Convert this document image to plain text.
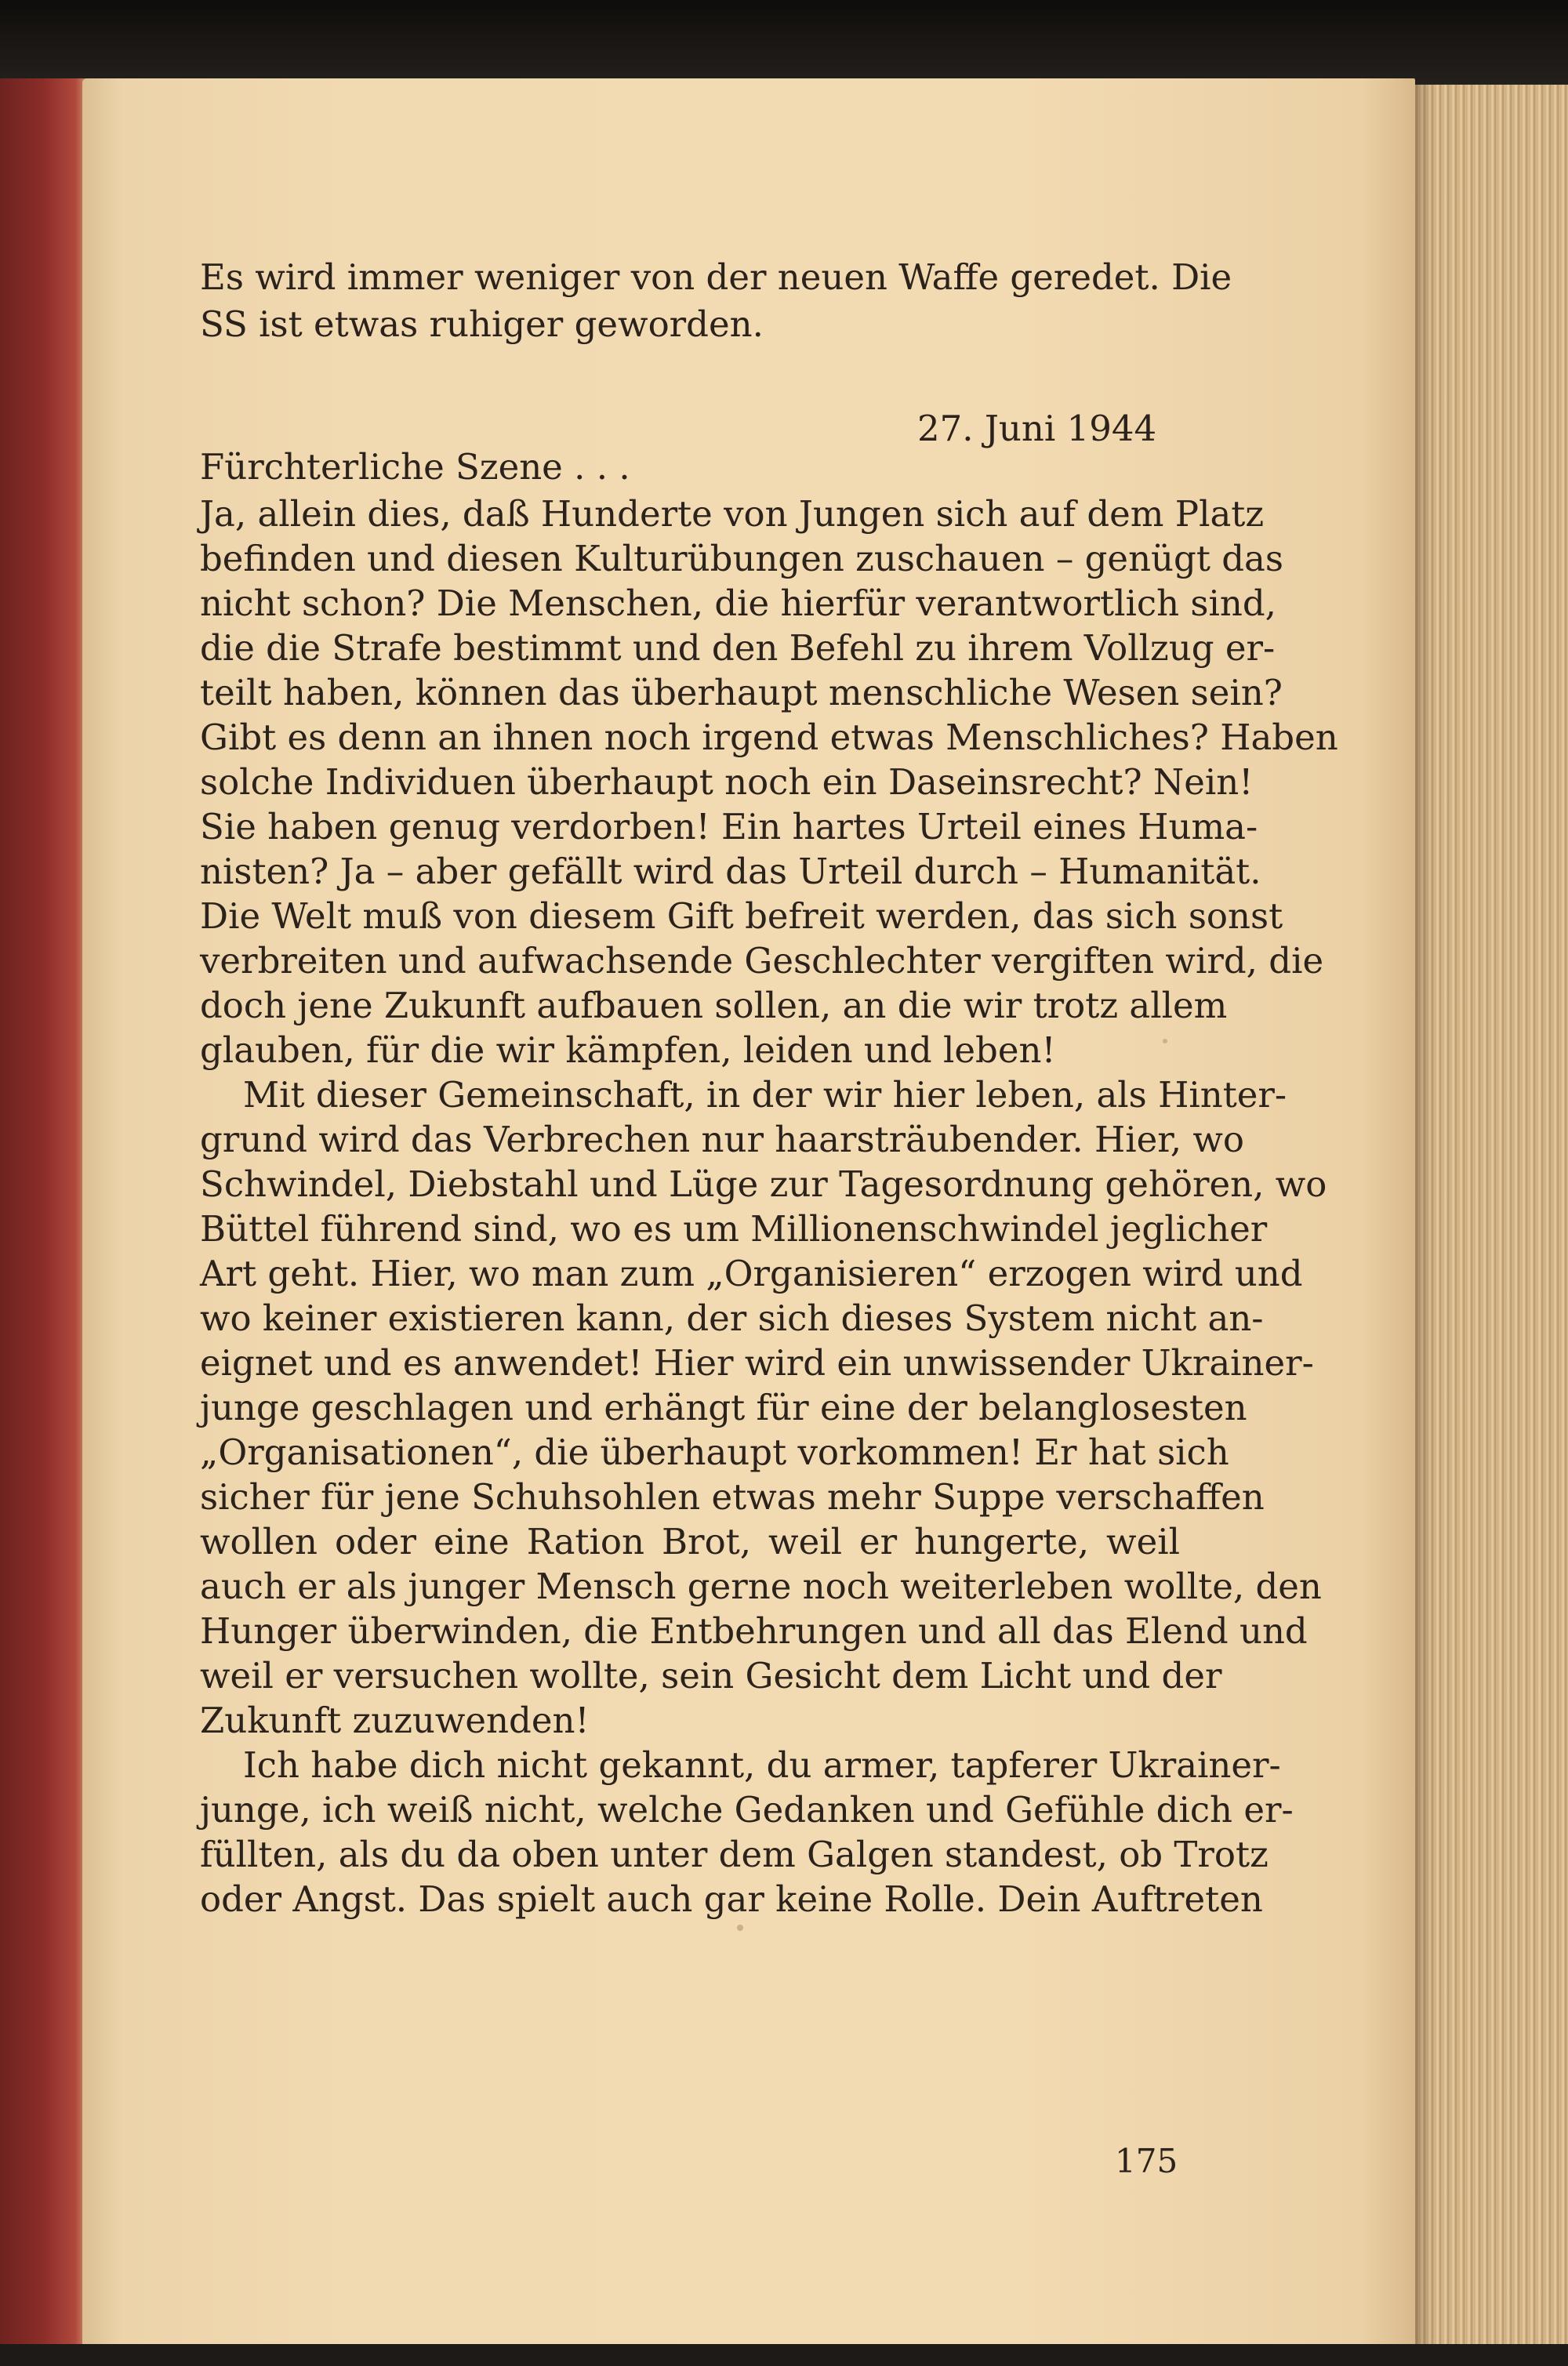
Es wird immer weniger von der neuen Waffe geredet. Die
SS ist etwas ruhiger geworden.
Fürchterliche Szene . . .
Ja, allein dies, daß Hunderte von Jungen sich auf dem Platz
befinden und diesen Kulturübungen zuschauen – genügt das
nicht schon? Die Menschen, die hierfür verantwortlich sind,
die die Strafe bestimmt und den Befehl zu ihrem Vollzug er-
teilt haben, können das überhaupt menschliche Wesen sein?
Gibt es denn an ihnen noch irgend etwas Menschliches? Haben
solche Individuen überhaupt noch ein Daseinsrecht? Nein!
Sie haben genug verdorben! Ein hartes Urteil eines Huma-
nisten? Ja – aber gefällt wird das Urteil durch – Humanität.
Die Welt muß von diesem Gift befreit werden, das sich sonst
verbreiten und aufwachsende Geschlechter vergiften wird, die
doch jene Zukunft aufbauen sollen, an die wir trotz allem
glauben, für die wir kämpfen, leiden und leben!
Mit dieser Gemeinschaft, in der wir hier leben, als Hinter-
grund wird das Verbrechen nur haarsträubender. Hier, wo
Schwindel, Diebstahl und Lüge zur Tagesordnung gehören, wo
Büttel führend sind, wo es um Millionenschwindel jeglicher
Art geht. Hier, wo man zum „Organisieren“ erzogen wird und
wo keiner existieren kann, der sich dieses System nicht an-
eignet und es anwendet! Hier wird ein unwissender Ukrainer-
junge geschlagen und erhängt für eine der belanglosesten
„Organisationen“, die überhaupt vorkommen! Er hat sich
sicher für jene Schuhsohlen etwas mehr Suppe verschaffen
wollen oder eine Ration Brot, weil er hungerte, weil
auch er als junger Mensch gerne noch weiterleben wollte, den
Hunger überwinden, die Entbehrungen und all das Elend und
weil er versuchen wollte, sein Gesicht dem Licht und der
Zukunft zuzuwenden!
Ich habe dich nicht gekannt, du armer, tapferer Ukrainer-
junge, ich weiß nicht, welche Gedanken und Gefühle dich er-
füllten, als du da oben unter dem Galgen standest, ob Trotz
oder Angst. Das spielt auch gar keine Rolle. Dein Auftreten
27. Juni 1944
175
